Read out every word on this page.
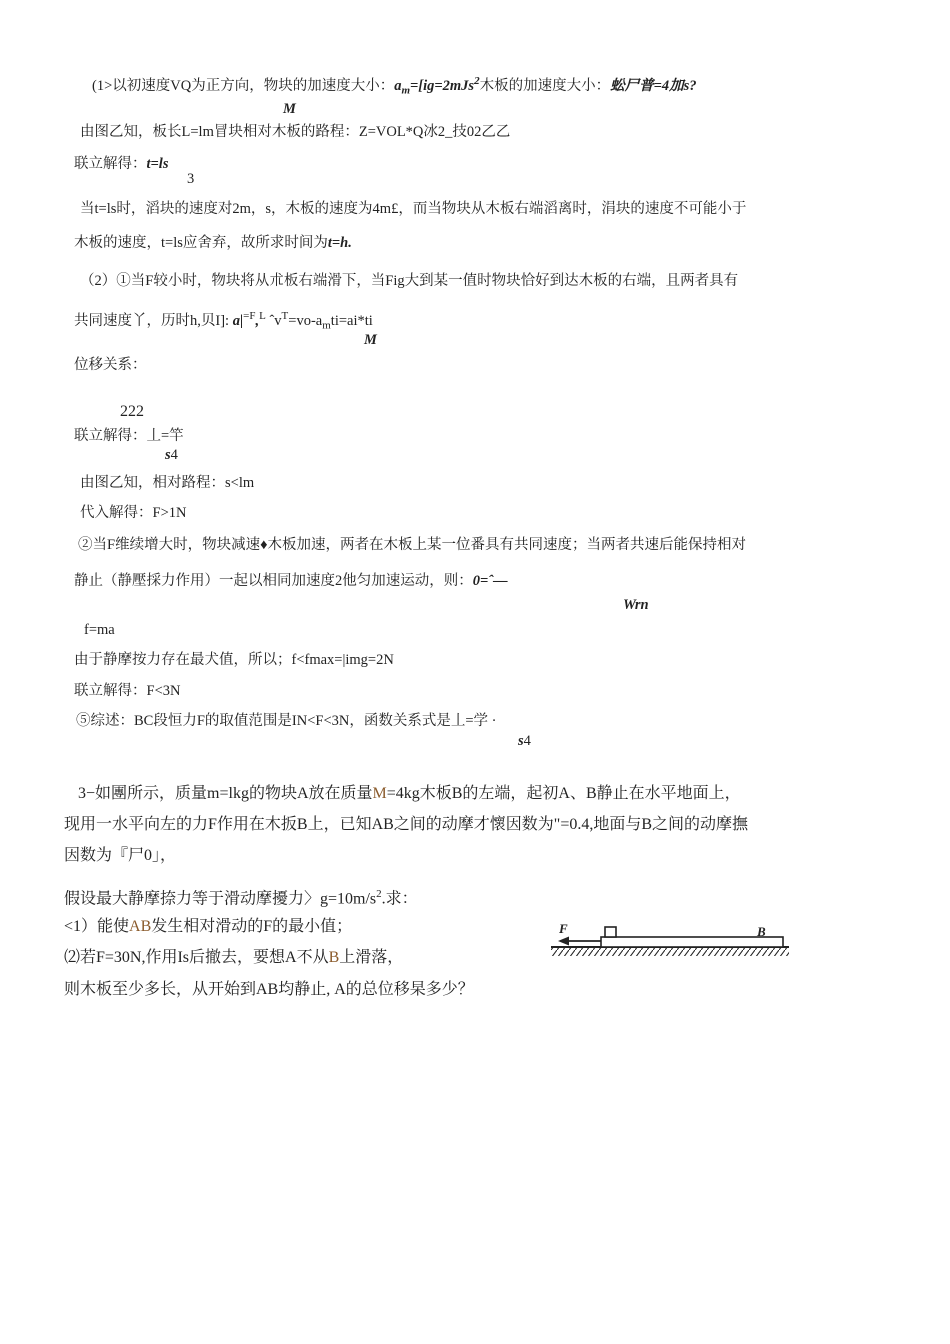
(1>以初速度VQ为正方向，物块的加速度大小：$a_m=[ig=2mJs^2$木板的加速度大小：蚣尸普=4加s?
M
由图乙知，板长L=lm冒块相对木板的路程：Z=VOL*Q冰2_技02乙乙
联立解得：t=ls
3
当t=ls时，滔块的速度对2m，s，木板的速度为4m£，而当物块从木板右端滔离时，涓块的速度不可能小于
木板的速度，t=ls应舍弃，故所求时间为t=h.
（2）①当F较小时，物块将从朮板右端滑下，当Fig大到某一值时物块恰好到达木板的右端，且两者具有
共同速度丫，历时h,贝I]: $a|^{=F},^L$ $ˆv^T=vo-a_mti=ai*ti$
M
位移关系：
222
联立解得：丄=竿
s4
由图乙知，相对路程：s<lm
代入解得：F>1N
②当F维续增大时，物块减速♦木板加速，两者在木板上某一位番具有共同速度；当两者共速后能保持相对
静止（静壓採力作用）一起以相同加速度2他匀加速运动，则：0=ˆ—
Wrn
f=ma
由于静摩按力存在最犬值，所以；f<fmax=|img=2N
联立解得：F<3N
⑤综述：BC段恒力F的取值范围是IN<F<3N，函数关系式是丄=学 ·
s4
3−如團所示，质量m=lkg的物块A放在质量M=4kg木板B的左端，起初A、B静止在水平地面上，
现用一水平向左的力F作用在木扳B上，已知AB之间的动摩才懷因数为"=0.4,地面与B之间的动摩撫
因数为『尸0」，
假设最大静摩捺力等于滑动摩擾力〉$g=10m/s^2$.求：
<1）能使AB发生相对滑动的F的最小值；
⑵若F=30N,作用Is后撤去，要想A不从B上滑落，
则木板至少多长，从开始到AB均静止, A的总位移杲多少？
F	B
